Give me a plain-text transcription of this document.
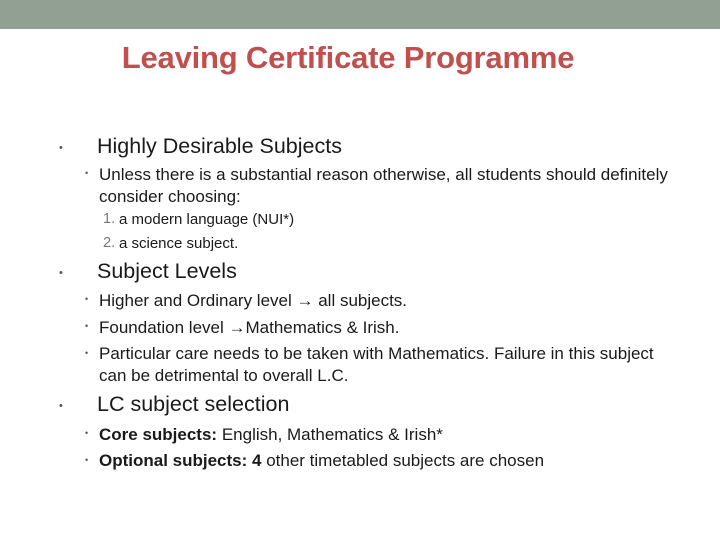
Leaving Certificate Programme
• Highly Desirable Subjects
• Unless there is a substantial reason otherwise, all students should definitely consider choosing:
1. a modern language (NUI*)
2. a science subject.
• Subject Levels
• Higher and Ordinary level → all subjects.
• Foundation level →Mathematics & Irish.
• Particular care needs to be taken with Mathematics. Failure in this subject can be detrimental to overall L.C.
• LC subject selection
• Core subjects: English, Mathematics & Irish*
• Optional subjects: 4 other timetabled subjects are chosen
